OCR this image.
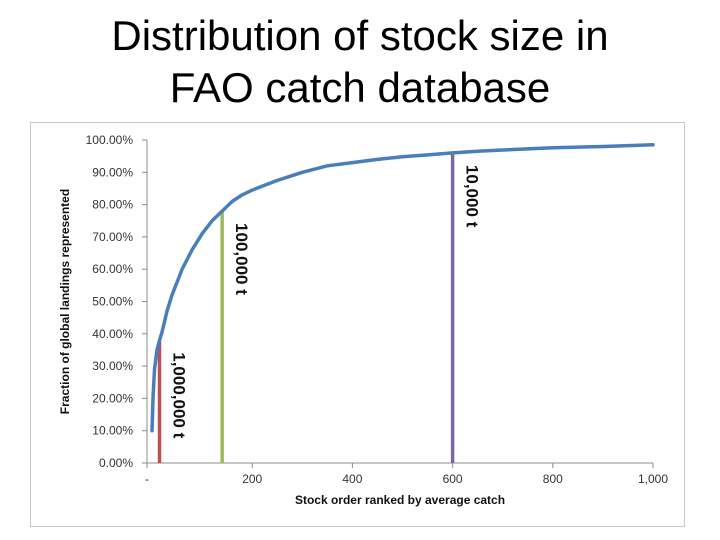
Distribution of stock size in
FAO catch database
0.00%
10.00%
20.00%
30.00%
40.00%
50.00%
60.00%
70.00%
80.00%
90.00%
100.00%
-	200	400	600	800	1,000
1,000,000 t
100,000 t
10,000 t
Stock order ranked by average catch
Fraction of global landings represented
